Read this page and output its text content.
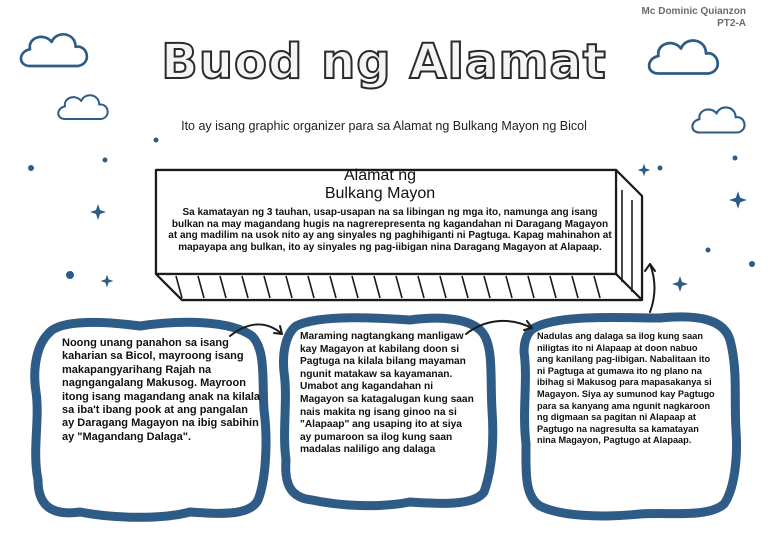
Mc Dominic Quianzon
PT2-A
Buod ng Alamat
Ito ay isang graphic organizer para sa Alamat ng Bulkang Mayon ng Bicol
Alamat ng
Bulkang Mayon
Sa kamatayan ng 3 tauhan, usap-usapan na sa libingan ng mga ito, namunga ang isang bulkan na may magandang hugis na nagrerepresenta ng kagandahan ni Daragang Magayon at ang madilim na usok nito ay ang sinyales ng paghihiganti ni Pagtuga. Kapag mahinahon at mapayapa ang bulkan, ito ay sinyales ng pag-iibigan nina Daragang Magayon at Alapaap.
Noong unang panahon sa isang kaharian sa Bicol, mayroong isang makapangyarihang Rajah na nagngangalang Makusog. Mayroon itong isang magandang anak na kilala sa iba't ibang pook at ang pangalan ay Daragang Magayon na ibig sabihin ay "Magandang Dalaga".
Maraming nagtangkang manligaw kay Magayon at kabilang doon si Pagtuga na kilala bilang mayaman ngunit matakaw sa kayamanan. Umabot ang kagandahan ni Magayon sa katagalugan kung saan nais makita ng isang ginoo na si "Alapaap" ang usaping ito at siya ay pumaroon sa ilog kung saan madalas naliligo ang dalaga
Nadulas ang dalaga sa ilog kung saan niligtas ito ni Alapaap at doon nabuo ang kanilang pag-iibigan. Nabalitaan ito ni Pagtuga at gumawa ito ng plano na ibihag si Makusog para mapasakanya si Magayon. Siya ay sumunod kay Pagtugo para sa kanyang ama ngunit nagkaroon ng digmaan sa pagitan ni Alapaap at Pagtugo na nagresulta sa kamatayan nina Magayon, Pagtugo at Alapaap.
